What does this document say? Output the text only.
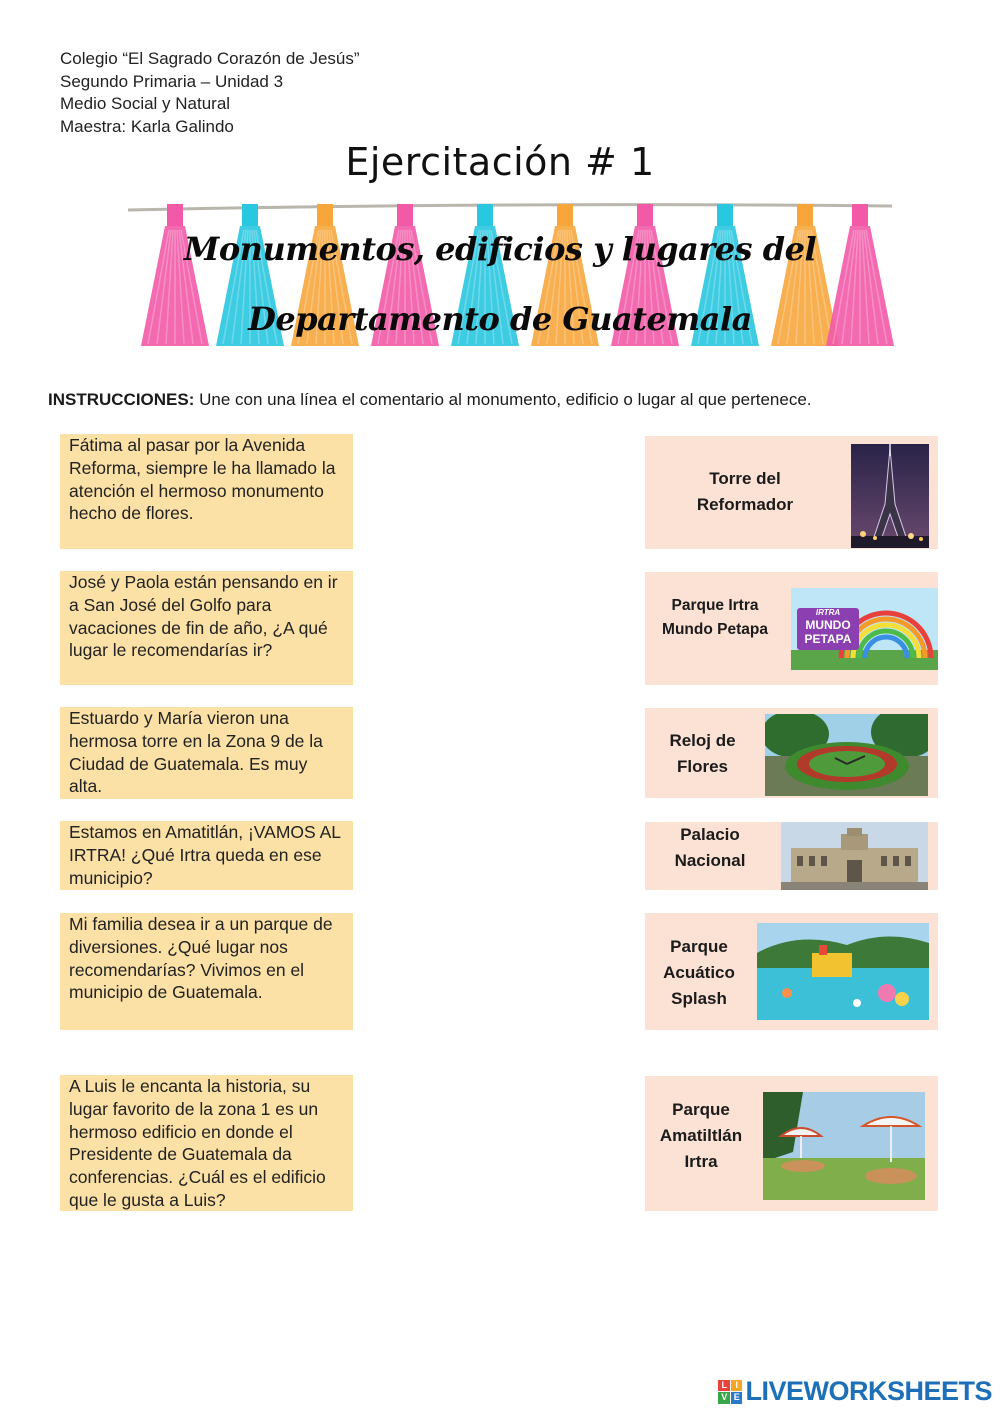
Colegio “El Sagrado Corazón de Jesús”
Segundo Primaria – Unidad 3
Medio Social y Natural
Maestra: Karla Galindo
Ejercitación # 1
Monumentos, edificios y lugares del
Departamento de Guatemala
INSTRUCCIONES: Une con una línea el comentario al monumento, edificio o lugar al que pertenece.
Fátima al pasar por la Avenida Reforma, siempre le ha llamado la atención el hermoso monumento hecho de flores.
José y Paola están pensando en ir a San José del Golfo para vacaciones de fin de año, ¿A qué lugar le recomendarías ir?
Estuardo y María vieron una hermosa torre en la Zona 9 de la Ciudad de Guatemala. Es muy alta.
Estamos en Amatitlán, ¡VAMOS AL IRTRA! ¿Qué Irtra queda en ese municipio?
Mi familia desea ir a un parque de diversiones. ¿Qué lugar nos recomendarías? Vivimos en el municipio de Guatemala.
A Luis le encanta la historia, su lugar favorito de la zona 1 es un hermoso edificio en donde el Presidente de Guatemala da conferencias. ¿Cuál es el edificio que le gusta a Luis?
Torre del
Reformador
Parque Irtra
Mundo Petapa
IRTRA
MUNDO
PETAPA
Reloj de
Flores
Palacio
Nacional
Parque
Acuático
Splash
Parque
Amatiltlán
Irtra
L I
V E LIVEWORKSHEETS
